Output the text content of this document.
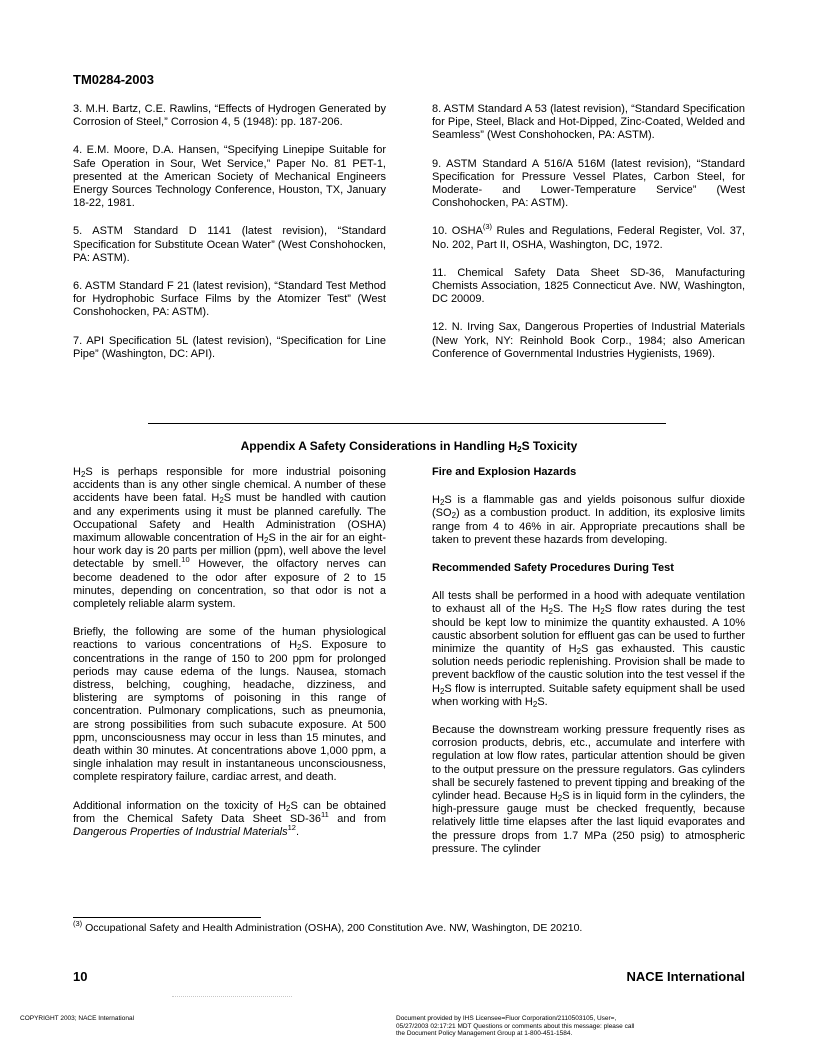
TM0284-2003

3. M.H. Bartz, C.E. Rawlins, “Effects of Hydrogen Generated by Corrosion of Steel,” Corrosion 4, 5 (1948): pp. 187-206.

4. E.M. Moore, D.A. Hansen, “Specifying Linepipe Suitable for Safe Operation in Sour, Wet Service,” Paper No. 81 PET-1, presented at the American Society of Mechanical Engineers Energy Sources Technology Conference, Houston, TX, January 18-22, 1981.

5. ASTM Standard D 1141 (latest revision), “Standard Specification for Substitute Ocean Water” (West Conshohocken, PA: ASTM).

6. ASTM Standard F 21 (latest revision), “Standard Test Method for Hydrophobic Surface Films by the Atomizer Test” (West Conshohocken, PA: ASTM).

7. API Specification 5L (latest revision), “Specification for Line Pipe” (Washington, DC: API).

8. ASTM Standard A 53 (latest revision), “Standard Specification for Pipe, Steel, Black and Hot-Dipped, Zinc-Coated, Welded and Seamless” (West Conshohocken, PA: ASTM).

9. ASTM Standard A 516/A 516M (latest revision), “Standard Specification for Pressure Vessel Plates, Carbon Steel, for Moderate- and Lower-Temperature Service” (West Conshohocken, PA: ASTM).

10. OSHA$^{(3)}$ Rules and Regulations, Federal Register, Vol. 37, No. 202, Part II, OSHA, Washington, DC, 1972.

11. Chemical Safety Data Sheet SD-36, Manufacturing Chemists Association, 1825 Connecticut Ave. NW, Washington, DC 20009.

12. N. Irving Sax, Dangerous Properties of Industrial Materials (New York, NY: Reinhold Book Corp., 1984; also American Conference of Governmental Industries Hygienists, 1969).

Appendix A Safety Considerations in Handling $H_2S$ Toxicity

$H_2S$ is perhaps responsible for more industrial poisoning accidents than is any other single chemical. A number of these accidents have been fatal. $H_2S$ must be handled with caution and any experiments using it must be planned carefully. The Occupational Safety and Health Administration (OSHA) maximum allowable concentration of $H_2S$ in the air for an eight-hour work day is 20 parts per million (ppm), well above the level detectable by smell.$^{10}$ However, the olfactory nerves can become deadened to the odor after exposure of 2 to 15 minutes, depending on concentration, so that odor is not a completely reliable alarm system.

Briefly, the following are some of the human physiological reactions to various concentrations of $H_2S$. Exposure to concentrations in the range of 150 to 200 ppm for prolonged periods may cause edema of the lungs. Nausea, stomach distress, belching, coughing, headache, dizziness, and blistering are symptoms of poisoning in this range of concentration. Pulmonary complications, such as pneumonia, are strong possibilities from such subacute exposure. At 500 ppm, unconsciousness may occur in less than 15 minutes, and death within 30 minutes. At concentrations above 1,000 ppm, a single inhalation may result in instantaneous unconsciousness, complete respiratory failure, cardiac arrest, and death.

Additional information on the toxicity of $H_2S$ can be obtained from the Chemical Safety Data Sheet $SD-36^{11}$ and from Dangerous Properties of Industrial Materials$^{12}$.

Fire and Explosion Hazards

$H_2S$ is a flammable gas and yields poisonous sulfur dioxide $(SO_2)$ as a combustion product. In addition, its explosive limits range from 4 to 46% in air. Appropriate precautions shall be taken to prevent these hazards from developing.

Recommended Safety Procedures During Test

All tests shall be performed in a hood with adequate ventilation to exhaust all of the $H_2S$. The $H_2S$ flow rates during the test should be kept low to minimize the quantity exhausted. A 10% caustic absorbent solution for effluent gas can be used to further minimize the quantity of $H_2S$ gas exhausted. This caustic solution needs periodic replenishing. Provision shall be made to prevent backflow of the caustic solution into the test vessel if the $H_2S$ flow is interrupted. Suitable safety equipment shall be used when working with $H_2S$.

Because the downstream working pressure frequently rises as corrosion products, debris, etc., accumulate and interfere with regulation at low flow rates, particular attention should be given to the output pressure on the pressure regulators. Gas cylinders shall be securely fastened to prevent tipping and breaking of the cylinder head. Because $H_2S$ is in liquid form in the cylinders, the high-pressure gauge must be checked frequently, because relatively little time elapses after the last liquid evaporates and the pressure drops from 1.7 MPa (250 psig) to atmospheric pressure. The cylinder

$^{(3)}$ Occupational Safety and Health Administration (OSHA), 200 Constitution Ave. NW, Washington, DE 20210.
10	NACE International
COPYRIGHT 2003; NACE International	Document provided by IHS Licensee=Fluor Corporation/2110503105, User=,
05/27/2003 02:17:21 MDT Questions or comments about this message: please call
the Document Policy Management Group at 1-800-451-1584.
